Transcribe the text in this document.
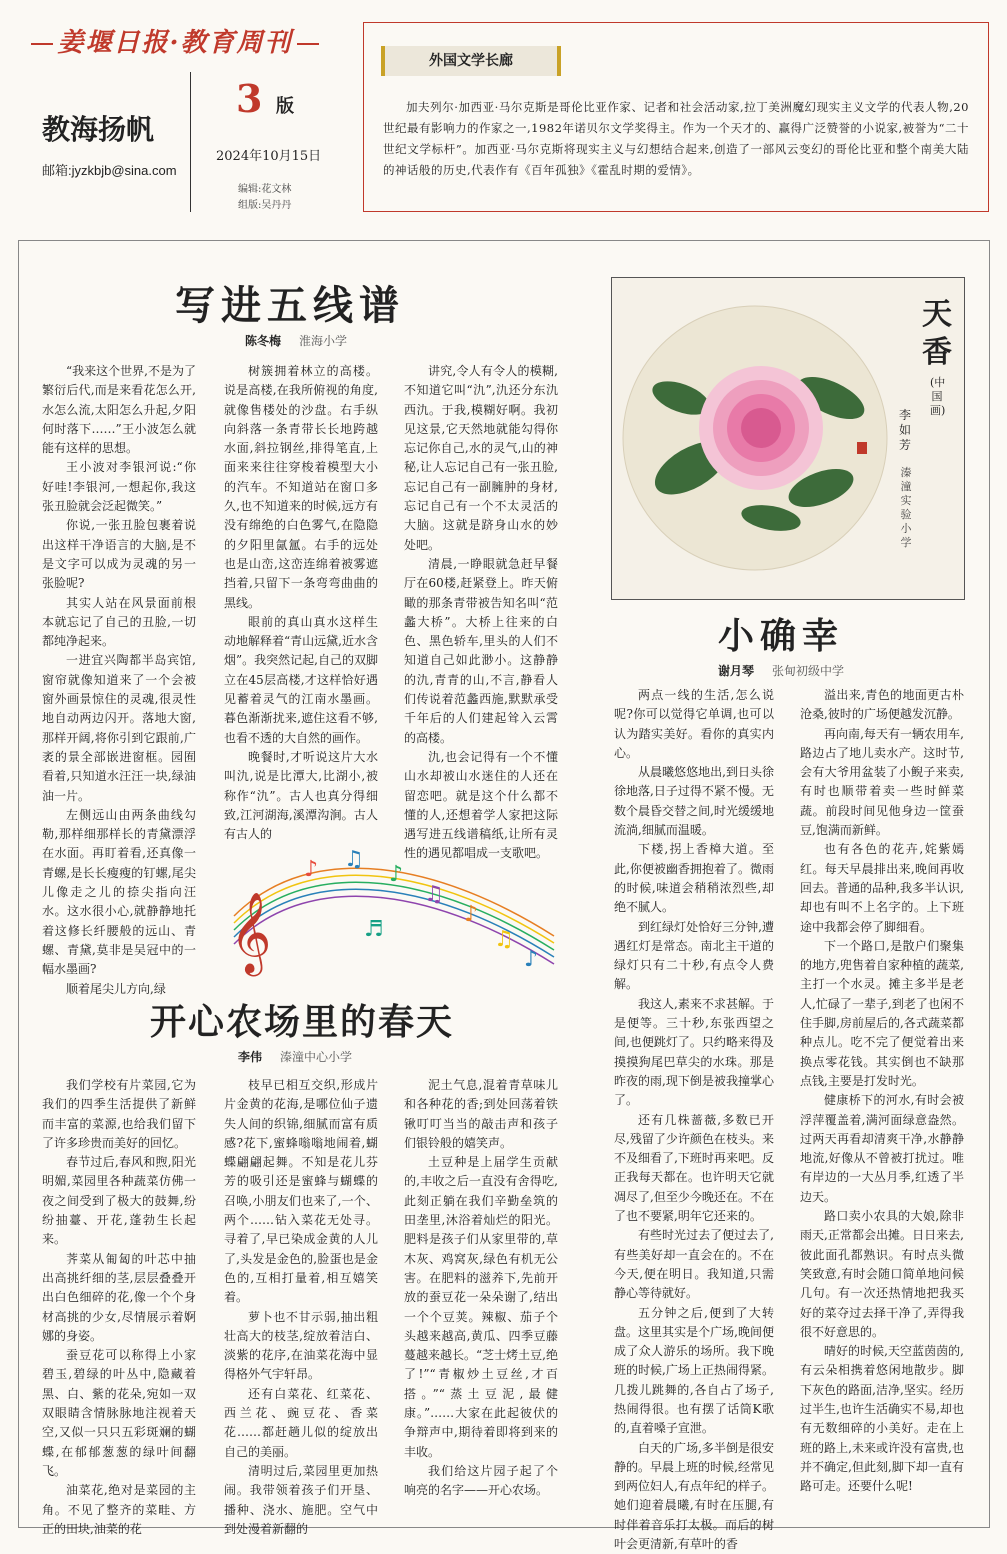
姜堰日报·教育周刊
教海扬帆
邮箱:jyzkbjb@sina.com
3 版
2024年10月15日
编辑:花文林
组版:吴丹丹
外国文学长廊
加夫列尔·加西亚·马尔克斯是哥伦比亚作家、记者和社会活动家,拉丁美洲魔幻现实主义文学的代表人物,20世纪最有影响力的作家之一,1982年诺贝尔文学奖得主。作为一个天才的、赢得广泛赞誉的小说家,被誉为“二十世纪文学标杆”。加西亚·马尔克斯将现实主义与幻想结合起来,创造了一部风云变幻的哥伦比亚和整个南美大陆的神话般的历史,代表作有《百年孤独》《霍乱时期的爱情》。
写进五线谱
陈冬梅 淮海小学

“我来这个世界,不是为了繁衍后代,而是来看花怎么开,水怎么流,太阳怎么升起,夕阳何时落下……”王小波怎么就能有这样的思想。

王小波对李银河说:“你好哇!李银河,一想起你,我这张丑脸就会泛起微笑。”

你说,一张丑脸包裹着说出这样干净语言的大脑,是不是文字可以成为灵魂的另一张脸呢?

其实人站在风景面前根本就忘记了自己的丑脸,一切都纯净起来。

一进宜兴陶都半岛宾馆,窗帘就像知道来了一个会被窗外画景惊住的灵魂,很灵性地自动两边闪开。落地大窗,那样开阔,将你引到它跟前,广袤的景全部嵌进窗框。园囿看着,只知道水汪汪一块,绿油油一片。

左侧远山由两条曲线勾勒,那样细那样长的青黛漂浮在水面。再盯着看,还真像一青螺,是长长瘦瘦的钉螺,尾尖儿像走之儿的捺尖指向汪水。这水很小心,就静静地托着这修长纤腰般的远山、青螺、青黛,莫非是吴冠中的一幅水墨画?

顺着尾尖儿方向,绿

树簇拥着林立的高楼。说是高楼,在我所俯视的角度,就像售楼处的沙盘。右手纵向斜落一条青带长长地跨越水面,斜拉钢丝,排得笔直,上面来来往往穿梭着模型大小的汽车。不知道站在窗口多久,也不知道来的时候,远方有没有绵绝的白色雾气,在隐隐的夕阳里氤氲。右手的远处也是山峦,这峦连绵着被雾遮挡着,只留下一条弯弯曲曲的黑线。

眼前的真山真水这样生动地解释着“青山远黛,近水含烟”。我突然记起,自己的双脚立在45层高楼,才这样恰好遇见蓄着灵气的江南水墨画。暮色渐渐扰来,遮住这看不够,也看不透的大自然的画作。

晚餐时,才听说这片大水叫氿,说是比潭大,比湖小,被称作“氿”。古人也真分得细致,江河湖海,溪潭沟涧。古人有古人的

讲究,令人有令人的模糊,不知道它叫“氿”,氿还分东氿西氿。于我,模糊好啊。我初见这景,它天然地就能勾得你忘记你自己,水的灵气,山的神秘,让人忘记自己有一张丑脸,忘记自己有一副臃肿的身材,忘记自己有一个不太灵活的大脑。这就是跻身山水的妙处吧。

清晨,一睁眼就急赶早餐厅在60楼,赶紧登上。昨天俯瞰的那条青带被告知名叫“范蠡大桥”。大桥上往来的白色、黑色轿车,里头的人们不知道自己如此渺小。这静静的氿,青青的山,不言,静看人们传说着范蠡西施,默默承受千年后的人们建起耸入云霄的高楼。

氿,也会记得有一个不懂山水却被山水迷住的人还在留恋吧。就是这个什么都不懂的人,还想着学人家把这际遇写进五线谱稿纸,让所有灵性的遇见都唱成一支歌吧。

𝄞
♪ ♫
♪
♫
♪
♫
♪
♬
开心农场里的春天
李伟 溱潼中心小学

我们学校有片菜园,它为我们的四季生活提供了新鲜而丰富的菜源,也给我们留下了许多珍贵而美好的回忆。

春节过后,春风和煦,阳光明媚,菜园里各种蔬菜仿佛一夜之间受到了极大的鼓舞,纷纷抽薹、开花,蓬勃生长起来。

荠菜从匍匐的叶芯中抽出高挑纤细的茎,层层叠叠开出白色细碎的花,像一个个身材高挑的少女,尽情展示着婀娜的身姿。

蚕豆花可以称得上小家碧玉,碧绿的叶丛中,隐藏着黑、白、紫的花朵,宛如一双双眼睛含情脉脉地注视着天空,又似一只只五彩斑斓的蝴蝶,在郁郁葱葱的绿叶间翻飞。

油菜花,绝对是菜园的主角。不见了整齐的菜畦、方正的田块,油菜的花

枝早已相互交织,形成片片金黄的花海,是哪位仙子遗失人间的织锦,细腻而富有质感?花下,蜜蜂嗡嗡地闹着,蝴蝶翩翩起舞。不知是花儿芬芳的吸引还是蜜蜂与蝴蝶的召唤,小朋友们也来了,一个、两个……钻入菜花无处寻。寻着了,早已染成金黄的人儿了,头发是金色的,脸蛋也是金色的,互相打量着,相互嬉笑着。

萝卜也不甘示弱,抽出粗壮高大的枝茎,绽放着洁白、淡紫的花序,在油菜花海中显得格外气宇轩昂。

还有白菜花、红菜花、西兰花、豌豆花、香菜花……都赶趟儿似的绽放出自己的美丽。

清明过后,菜园里更加热闹。我带领着孩子们开垦、播种、浇水、施肥。空气中到处漫着新翻的

泥土气息,混着青草味儿和各种花的香;到处回荡着铁锹叮叮当当的敲击声和孩子们银铃般的嬉笑声。

土豆种是上届学生贡献的,丰收之后一直没有舍得吃,此刻正躺在我们辛勤垒筑的田垄里,沐浴着灿烂的阳光。肥料是孩子们从家里带的,草木灰、鸡窝灰,绿色有机无公害。在肥料的滋养下,先前开放的蚕豆花一朵朵谢了,结出一个个豆荚。辣椒、茄子个头越来越高,黄瓜、四季豆藤蔓越来越长。“芝士烤土豆,绝了!”“青椒炒土豆丝,才百搭。”“蒸土豆泥,最健康。”……大家在此起彼伏的争辩声中,期待着即将到来的丰收。

我们给这片园子起了个响亮的名字——开心农场。

天香
(中国画)
李如芳
溱潼实验小学
小确幸
谢月琴 张甸初级中学

两点一线的生活,怎么说呢?你可以觉得它单调,也可以认为踏实美好。看你的真实内心。

从晨曦悠悠地出,到日头徐徐地落,日子过得不紧不慢。无数个晨昏交替之间,时光缓缓地流淌,细腻而温暖。

下楼,拐上香樟大道。至此,你便被幽香拥抱着了。微雨的时候,味道会稍稍浓烈些,却绝不腻人。

到红绿灯处恰好三分钟,遭遇红灯是常态。南北主干道的绿灯只有二十秒,有点令人费解。

我这人,素来不求甚解。于是便等。三十秒,东张西望之间,也便跳灯了。只约略来得及摸摸狗尾巴草尖的水珠。那是昨夜的雨,现下倒是被我撞掌心了。

还有几株蔷薇,多数已开尽,残留了少许颜色在枝头。来不及细看了,下班时再来吧。反正我每天都在。也许明天它就凋尽了,但至少今晚还在。不在了也不要紧,明年它还来的。

有些时光过去了便过去了,有些美好却一直会在的。不在今天,便在明日。我知道,只需静心等待就好。

五分钟之后,便到了大转盘。这里其实是个广场,晚间便成了众人游乐的场所。我下晚班的时候,广场上正热闹得紧。几拨儿跳舞的,各自占了场子,热闹得很。也有摆了话筒K歌的,直着嗓子宣泄。

白天的广场,多半倒是很安静的。早晨上班的时候,经常见到两位妇人,有点年纪的样子。她们迎着晨曦,有时在压腿,有时伴着音乐打太极。而后的树叶会更清新,有草叶的香

溢出来,青色的地面更古朴沧桑,彼时的广场便越发沉静。

再向南,每天有一辆农用车,路边占了地儿卖水产。这时节,会有大爷用盆装了小鲵子来卖,有时也顺带着卖一些时鲜菜蔬。前段时间见他身边一筐蚕豆,饱满而新鲜。

也有各色的花卉,姹紫嫣红。每天早晨排出来,晚间再收回去。普通的品种,我多半认识,却也有叫不上名字的。上下班途中我都会停了脚细看。

下一个路口,是散户们聚集的地方,兜售着自家种植的蔬菜,主打一个水灵。摊主多半是老人,忙碌了一辈子,到老了也闲不住手脚,房前屋后的,各式蔬菜都种点儿。吃不完了便觉着出来换点零花钱。其实倒也不缺那点钱,主要是打发时光。

健康桥下的河水,有时会被浮萍覆盖着,满河面绿意盎然。过两天再看却清爽干净,水静静地流,好像从不曾被打扰过。唯有岸边的一大丛月季,红透了半边天。

路口卖小农具的大娘,除非雨天,正常都会出摊。日日来去,彼此面孔都熟识。有时点头微笑致意,有时会随口简单地问候几句。有一次还热情地把我买好的菜夺过去择干净了,弄得我很不好意思的。

晴好的时候,天空蓝茵茵的,有云朵相携着悠闲地散步。脚下灰色的路面,洁净,坚实。经历过半生,也许生活确实不易,却也有无数细碎的小美好。走在上班的路上,未来或许没有富贵,也并不确定,但此刻,脚下却一直有路可走。还要什么呢!
